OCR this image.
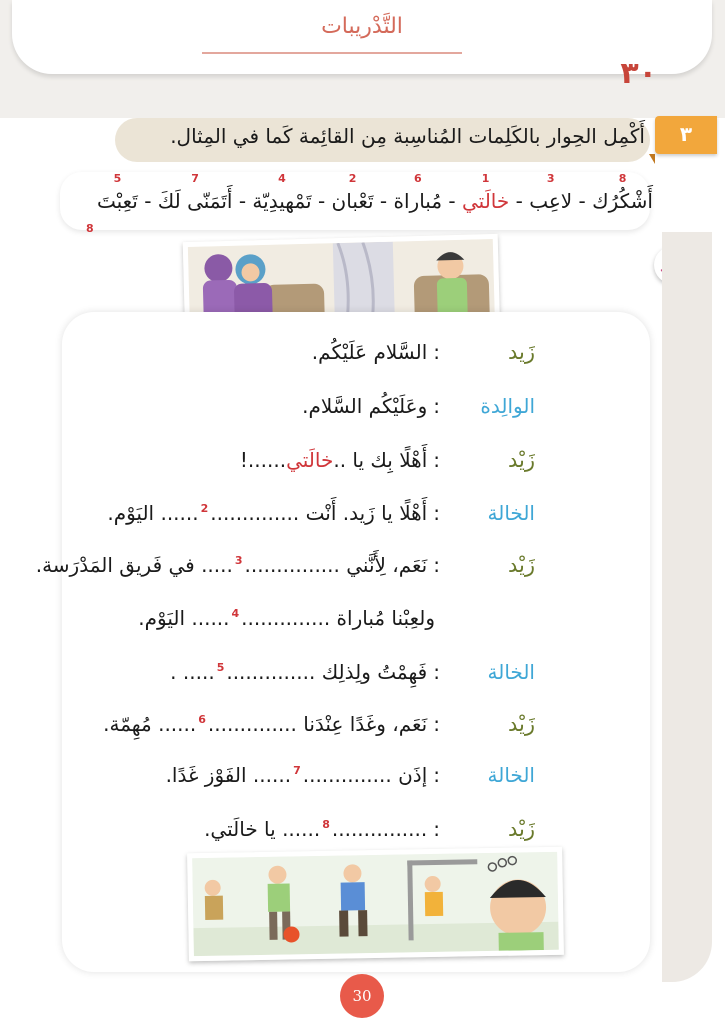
التَّدْريبات
٣٠
أَكْمِل الحِوار بالكَلِمات المُناسِبة مِن القائِمة كَما في المِثال.	٣
أَشْكُرُك
8
- لاعِب
3
- خالَتي
1
- مُباراة
6
- تَعْبان
2
- تَمْهيدِيّة
4
- أَتَمَنّى لَكَ
7
- تَعِبْتَ
5
8
زَيد
:
السَّلام عَلَيْكُم.
الوالِدة
:
وعَلَيْكُم السَّلام.
زَيْد
:
أَهْلًا بِك يا ..خالَتي......!
الخالة
:
أَهْلًا يا زَيد. أَنْت ..............$^2$...... اليَوْم.
زَيْد
:
نَعَم، لِأَنَّني ...............$^3$..... في فَريق المَدْرَسة.
ولعِبْنا مُباراة ..............$^4$...... اليَوْم.
الخالة
:
فَهِمْتُ ولِذلِك ..............$^5$..... .
زَيْد
:
نَعَم، وغَدًا عِنْدَنا ..............$^6$...... مُهِمّة.
الخالة
:
إذَن ..............$^7$...... الفَوْز غَدًا.
زَيْد
:
...............$^8$...... يا خالَتي.
30
